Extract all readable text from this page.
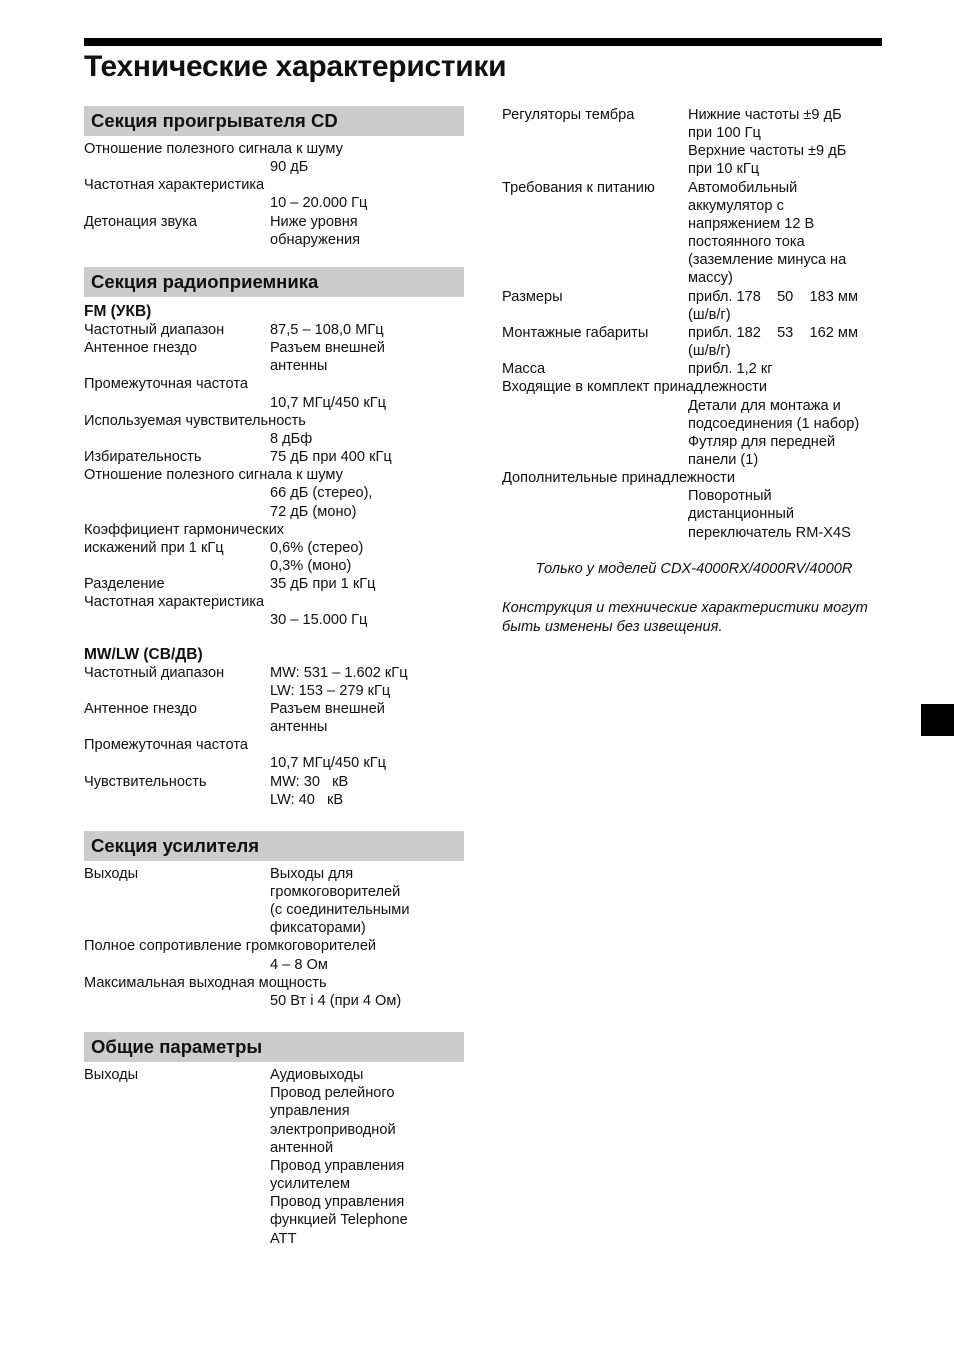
Технические характеристики
Секция проигрывателя CD
Отношение полезного сигнала к шуму
90 дБ
Частотная характеристика
10 – 20.000 Гц
Детонация звука	Ниже уровня
обнаружения
Секция радиоприемника
FM (УКВ)
Частотный диапазон	87,5 – 108,0 МГц
Антенное гнездо	Разъем внешней
антенны
Промежуточная частота
10,7 МГц/450 кГц
Используемая чувствительность
8 дБф
Избирательность	75 дБ при 400 кГц
Отношение полезного сигнала к шуму
66 дБ (стерео),
72 дБ (моно)
Коэффициент гармонических
искажений при 1 кГц	0,6% (стерео)
0,3% (моно)
Разделение	35 дБ при 1 кГц
Частотная характеристика
30 – 15.000 Гц
MW/LW (СВ/ДВ)
Частотный диапазон	MW: 531 – 1.602 кГц
LW: 153 – 279 кГц
Антенное гнездо	Разъем внешней
антенны
Промежуточная частота
10,7 МГц/450 кГц
Чувствительность	MW: 30   кВ
LW: 40   кВ
Секция усилителя
Выходы	Выходы для
громкоговорителей
(с соединительными
фиксаторами)
Полное сопротивление громкоговорителей
4 – 8 Ом
Максимальная выходная мощность
50 Вт і 4 (при 4 Ом)
Общие параметры
Выходы	Аудиовыходы
Провод релейного
управления
электроприводной
антенной
Провод управления
усилителем
Провод управления
функцией Telephone
ATT
Регуляторы тембра	Нижние частоты ±9 дБ
при 100 Гц
Верхние частоты ±9 дБ
при 10 кГц
Требования к питанию	Автомобильный
аккумулятор с
напряжением 12 В
постоянного тока
(заземление минуса на
массу)
Размеры	прибл. 178    50    183 мм
(ш/в/г)
Монтажные габариты	прибл. 182    53    162 мм
(ш/в/г)
Масса	прибл. 1,2 кг
Входящие в комплект принадлежности
Детали для монтажа и
подсоединения (1 набор)
Футляр для передней
панели (1)
Дополнительные принадлежности
Поворотный
дистанционный
переключатель RM-X4S
Только у моделей CDX-4000RX/4000RV/4000R
Конструкция и технические характеристики могут
быть изменены без извещения.
